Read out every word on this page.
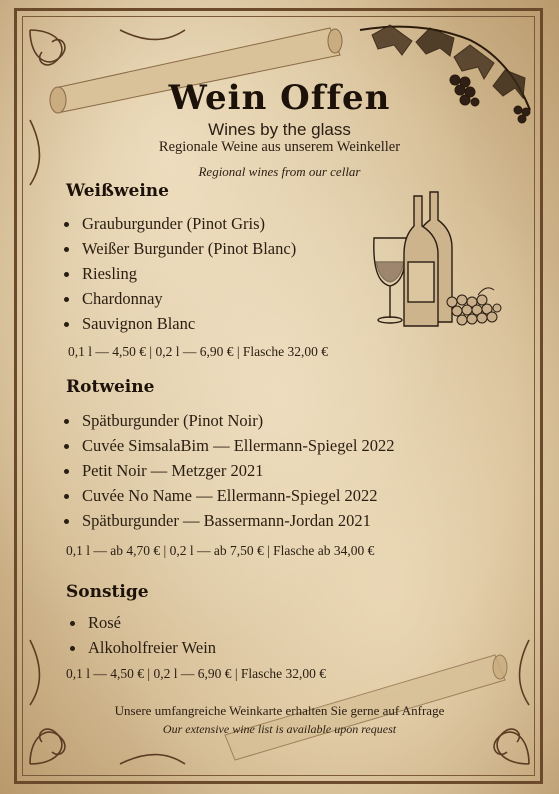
Wein Offen
Wines by the glass
Regionale Weine aus unserem Weinkeller
Regional wines from our cellar
Weißweine
Grauburgunder (Pinot Gris)
Weißer Burgunder (Pinot Blanc)
Riesling
Chardonnay
Sauvignon Blanc
0,1 l — 4,50 € | 0,2 l — 6,90 € | Flasche 32,00 €
Rotweine
Spätburgunder (Pinot Noir)
Cuvée SimsalaBim — Ellermann-Spiegel 2022
Petit Noir — Metzger 2021
Cuvée No Name — Ellermann-Spiegel 2022
Spätburgunder — Bassermann-Jordan 2021
0,1 l — ab 4,70 € | 0,2 l — ab 7,50 € | Flasche ab 34,00 €
Sonstige
Rosé
Alkoholfreier Wein
0,1 l — 4,50 € | 0,2 l — 6,90 € | Flasche 32,00 €
Unsere umfangreiche Weinkarte erhalten Sie gerne auf Anfrage
Our extensive wine list is available upon request
